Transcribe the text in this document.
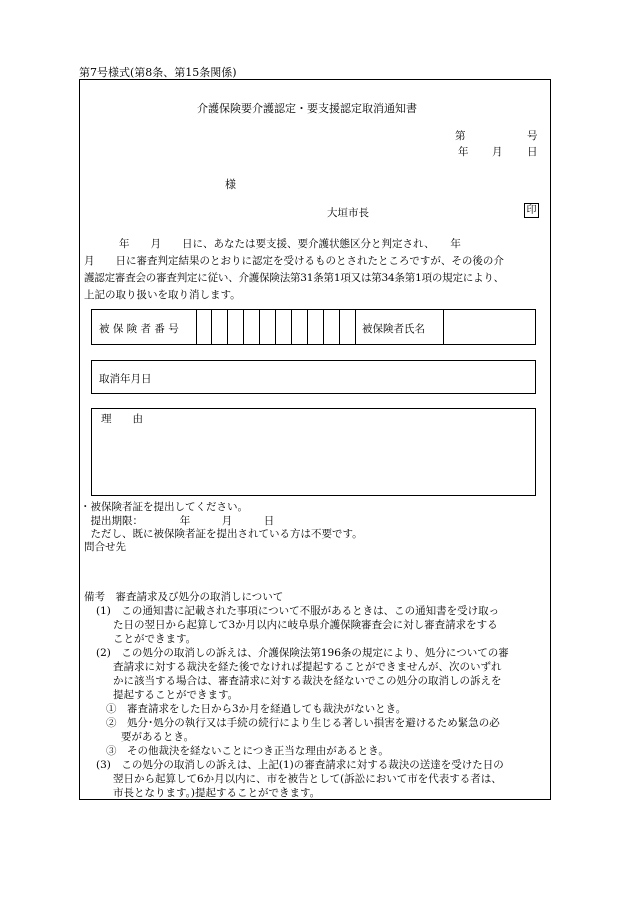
第7号様式(第8条、第15条関係)
介護保険要介護認定・要支援認定取消通知書
第	号
年 月 日
様
大垣市長	印
年　　月　　日に、あなたは要支援、要介護状態区分と判定され、　　年
月　　日に審査判定結果のとおりに認定を受けるものとされたところですが、その後の介
護認定審査会の審査判定に従い、介護保険法第31条第1項又は第34条第1項の規定により、
上記の取り扱いを取り消します。
被 保 険 者 番 号	被保険者氏名
取消年月日
理　　由
・被保険者証を提出してください。
　提出期限：　　　　年　　　月　　　日
　ただし、既に被保険者証を提出されている方は不要です。
問合せ先
備考　審査請求及び処分の取消しについて
(1)　この通知書に記載された事項について不服があるときは、この通知書を受け取っ
た日の翌日から起算して3か月以内に岐阜県介護保険審査会に対し審査請求をする
ことができます。
(2)　この処分の取消しの訴えは、介護保険法第196条の規定により、処分についての審
査請求に対する裁決を経た後でなければ提起することができませんが、次のいずれ
かに該当する場合は、審査請求に対する裁決を経ないでこの処分の取消しの訴えを
提起することができます。
①　審査請求をした日から3か月を経過しても裁決がないとき。
②　処分･処分の執行又は手続の続行により生じる著しい損害を避けるため緊急の必
要があるとき。
③　その他裁決を経ないことにつき正当な理由があるとき。
(3)　この処分の取消しの訴えは、上記(1)の審査請求に対する裁決の送達を受けた日の
翌日から起算して6か月以内に、市を被告として(訴訟において市を代表する者は、
市長となります。)提起することができます。
